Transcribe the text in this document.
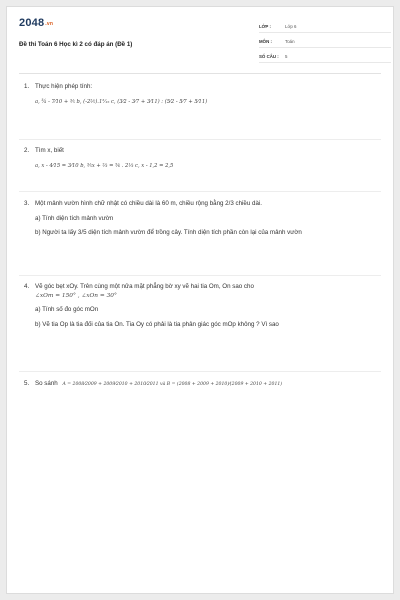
2048.vn
Đề thi Toán 6 Học kì 2 có đáp án (Đề 1)
LỚP :	Lớp 6
MÔN :	Toán
SỐ CÂU : 5
1. Thực hiện phép tính:
a, ¾ - 7⁄10 + ⅗ b, (-2⅖).1²⁄₁₅ c, (3⁄2 - 3⁄7 + 3⁄11) : (5⁄2 - 5⁄7 + 5⁄11)
2. Tìm x, biết
a, x - 4⁄15 = 3⁄10 b, ⅗x + ⅔ = ⅚ . 2⅓ c, x - 1,2 = 2,5
3. Một mảnh vườn hình chữ nhật có chiều dài là 60 m, chiều rộng bằng 2/3 chiều dài.
a) Tính diện tích mảnh vườn
b) Người ta lấy 3/5 diện tích mảnh vườn để trồng cây. Tính diện tích phần còn lại của mảnh vườn
4. Vẽ góc bẹt xOy. Trên cùng một nửa mặt phẳng bờ xy vẽ hai tia Om, On sao cho
∠xOm = 150° , ∠xOn = 30°
a) Tính số đo góc mOn
b) Vẽ tia Op là tia đối của tia On. Tia Oy có phải là tia phân giác góc mOp không ? Vì sao
5. So sánh A = 2008⁄2009 + 2009⁄2010 + 2010⁄2011 và B = (2008 + 2009 + 2010)⁄(2009 + 2010 + 2011)
